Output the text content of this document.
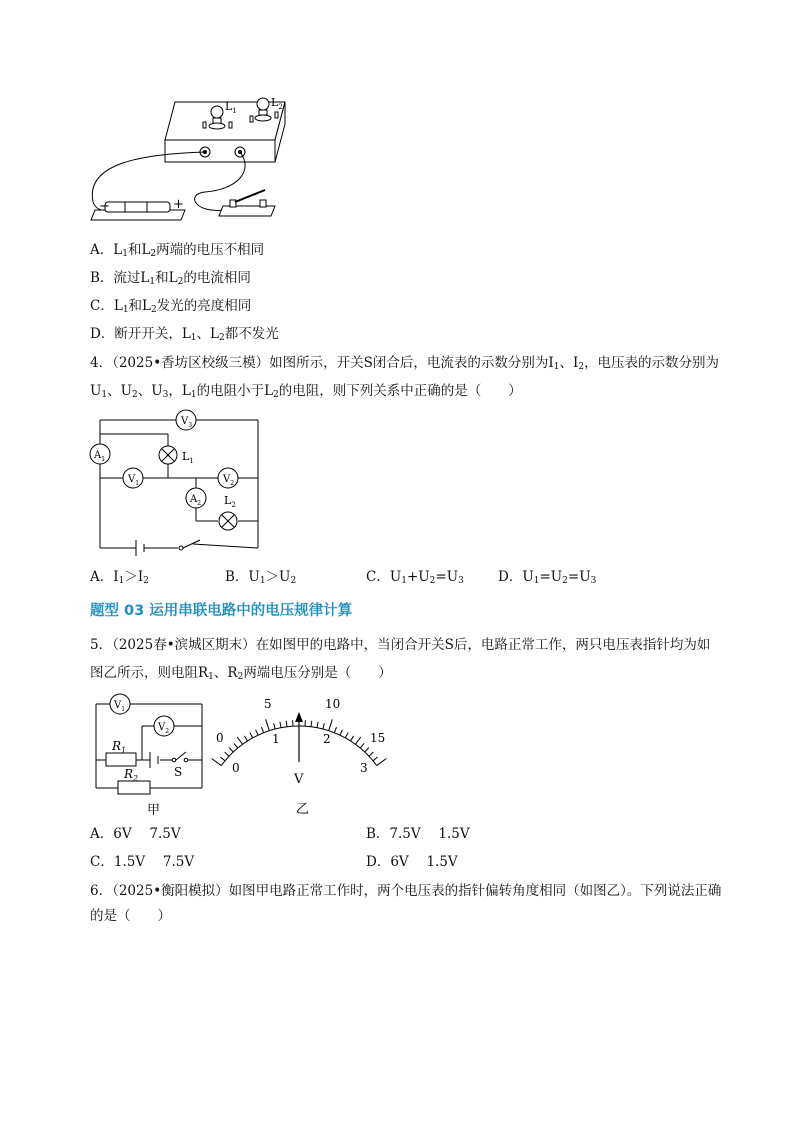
$L_1$
$L_2$
−	+
A．$L_1$和$L_2$两端的电压不相同
B．流过$L_1$和$L_2$的电流相同
C．$L_1$和$L_2$发光的亮度相同
D．断开开关，$L_1$、$L_2$都不发光
4．（2025•香坊区校级三模）如图所示，开关S闭合后，电流表的示数分别为$I_1$、$I_2$，电压表的示数分别为
$U_1$、$U_2$、$U_3$，$L_1$的电阻小于$L_2$的电阻，则下列关系中正确的是（　　）
$V_3$
$A_1$	$L_1$
$V_1$	$V_2$
$A_2$ $L_2$
A．$I_1>I_2$	B．$U_1>U_2$	C．$U_1+U_2=U_3$	D．$U_1=U_2=U_3$
题型 03 运用串联电路中的电压规律计算
5．（2025春•滨城区期末）在如图甲的电路中，当闭合开关S后，电路正常工作，两只电压表指针均为如
图乙所示，则电阻$R_1$、$R_2$两端电压分别是（　　）
$V_1$
$V_2$
$R_1$
$R_2$	S
甲
0
5	10
15
0
1	2
3
V
乙
A．6V　 7.5V	B．7.5V　 1.5V
C．1.5V　 7.5V	D．6V　 1.5V
6．（2025•衡阳模拟）如图甲电路正常工作时，两个电压表的指针偏转角度相同（如图乙）。下列说法正确
的是（　　）
